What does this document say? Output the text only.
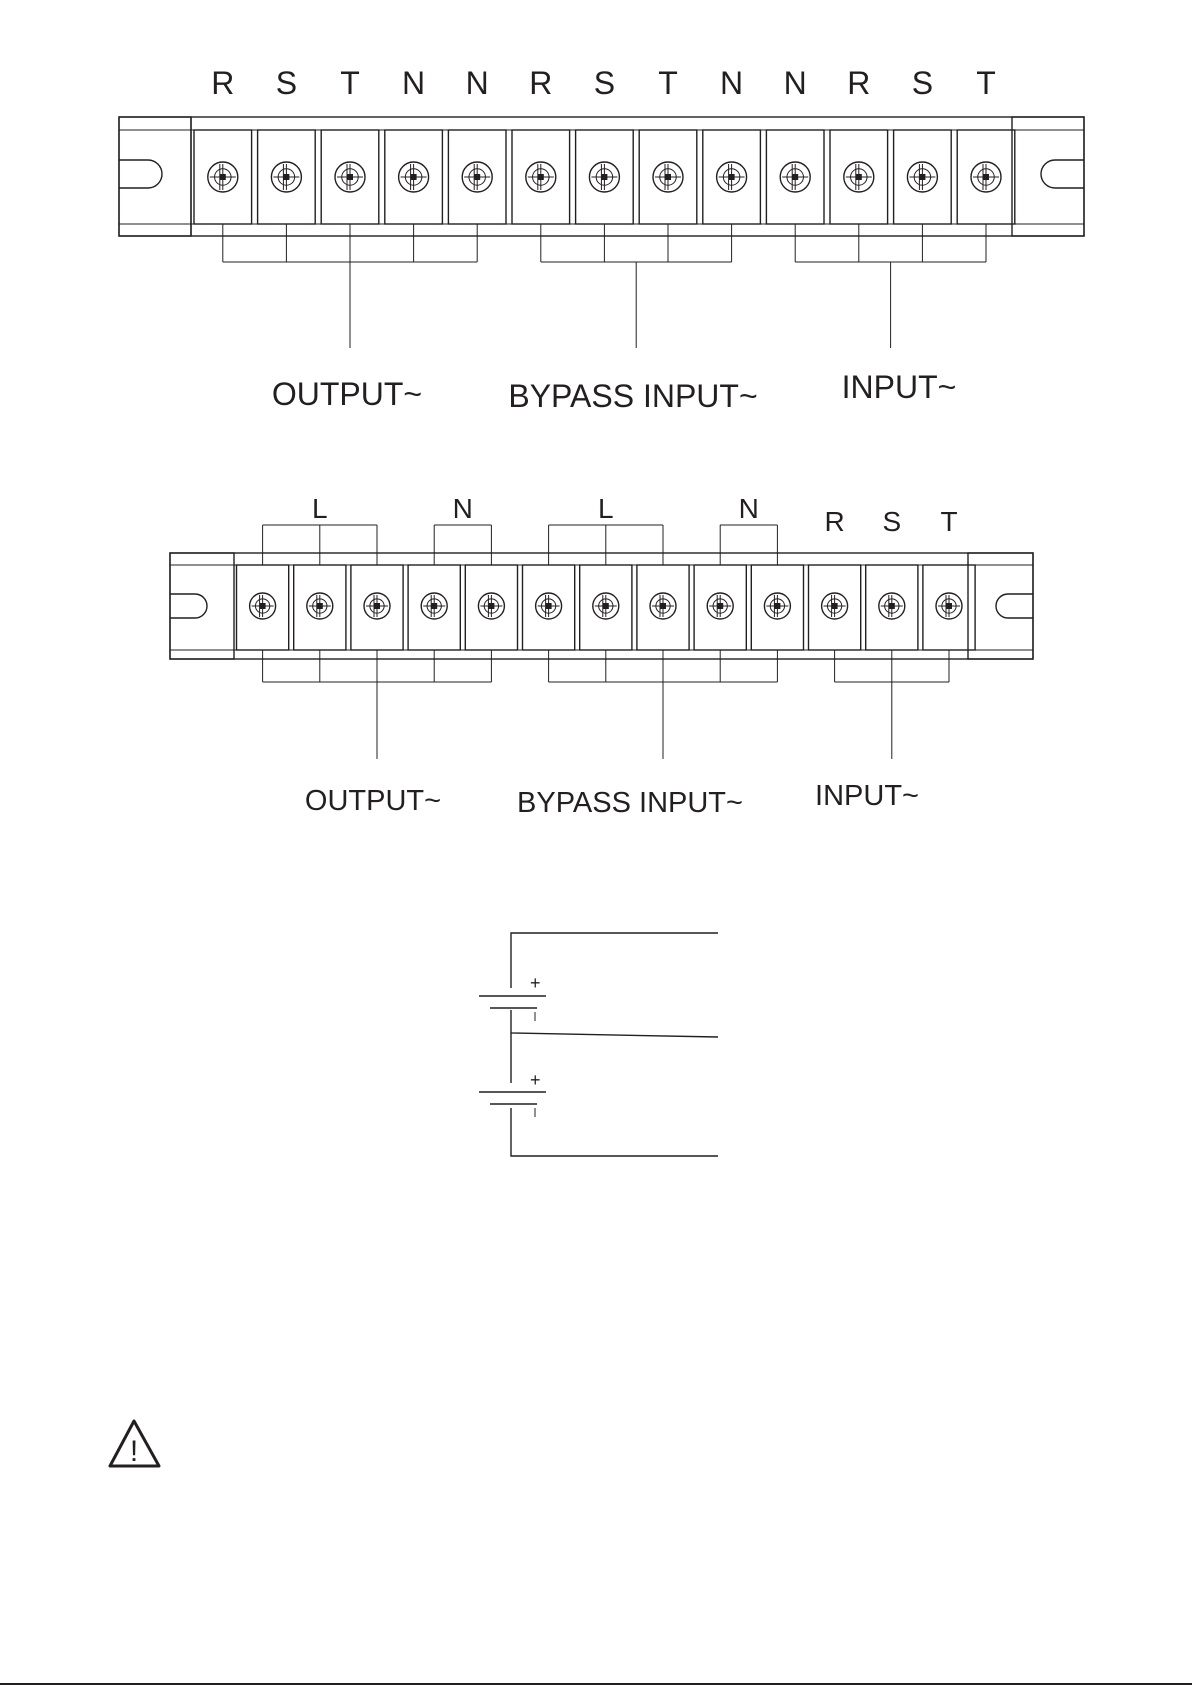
R S T N N R S T N N R S T
OUTPUT~	BYPASS INPUT~	INPUT~
L	N	L	N R S T
OUTPUT~	BYPASS INPUT~ INPUT~
+
+
!
